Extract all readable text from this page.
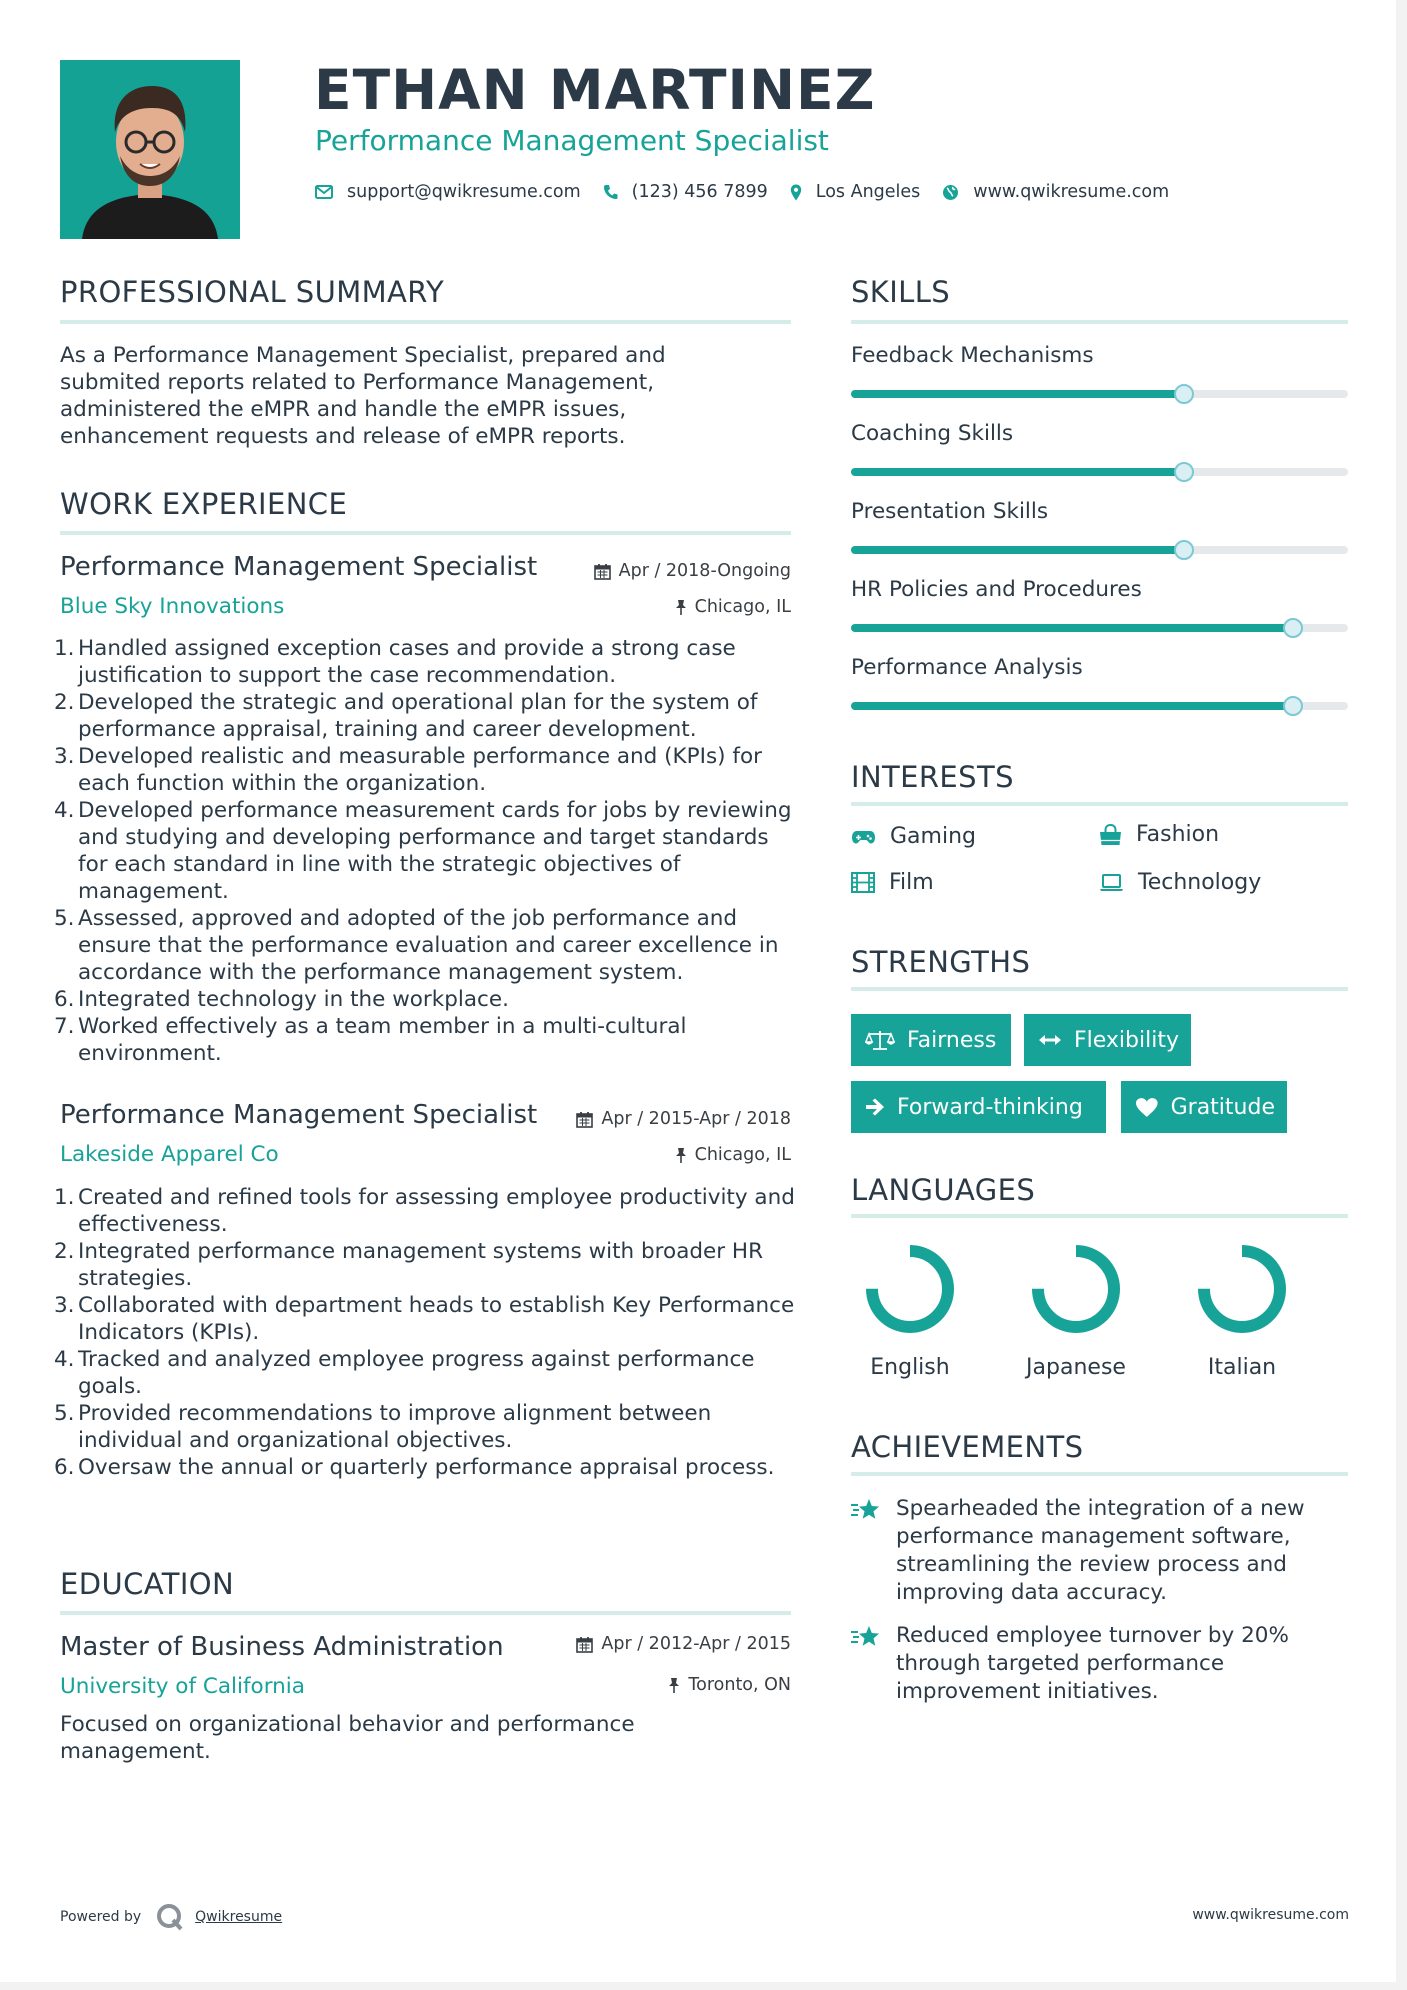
ETHAN MARTINEZ
Performance Management Specialist
support@qwikresume.com	(123) 456 7899	Los Angeles	www.qwikresume.com
PROFESSIONAL SUMMARY
As a Performance Management Specialist, prepared and submited reports related to Performance Management, administered the eMPR and handle the eMPR issues, enhancement requests and release of eMPR reports.
WORK EXPERIENCE
Performance Management Specialist	Apr / 2018-Ongoing
Blue Sky Innovations	Chicago, IL
1. Handled assigned exception cases and provide a strong case justification to support the case recommendation.
2. Developed the strategic and operational plan for the system of performance appraisal, training and career development.
3. Developed realistic and measurable performance and (KPIs) for each function within the organization.
4. Developed performance measurement cards for jobs by reviewing and studying and developing performance and target standards for each standard in line with the strategic objectives of management.
5. Assessed, approved and adopted of the job performance and ensure that the performance evaluation and career excellence in accordance with the performance management system.
6. Integrated technology in the workplace.
7. Worked effectively as a team member in a multi-cultural environment.
Performance Management Specialist	Apr / 2015-Apr / 2018
Lakeside Apparel Co	Chicago, IL
1. Created and refined tools for assessing employee productivity and effectiveness.
2. Integrated performance management systems with broader HR strategies.
3. Collaborated with department heads to establish Key Performance Indicators (KPIs).
4. Tracked and analyzed employee progress against performance goals.
5. Provided recommendations to improve alignment between individual and organizational objectives.
6. Oversaw the annual or quarterly performance appraisal process.
EDUCATION
Master of Business Administration	Apr / 2012-Apr / 2015
University of California	Toronto, ON
Focused on organizational behavior and performance management.
SKILLS
Feedback Mechanisms
Coaching Skills
Presentation Skills
HR Policies and Procedures
Performance Analysis
INTERESTS
Gaming	Fashion
Film	Technology
STRENGTHS
Fairness	Flexibility
Forward-thinking	Gratitude
LANGUAGES
English	Japanese	Italian
ACHIEVEMENTS
Spearheaded the integration of a new performance management software, streamlining the review process and improving data accuracy.
Reduced employee turnover by 20% through targeted performance improvement initiatives.
Powered by	Qwikresume	www.qwikresume.com
